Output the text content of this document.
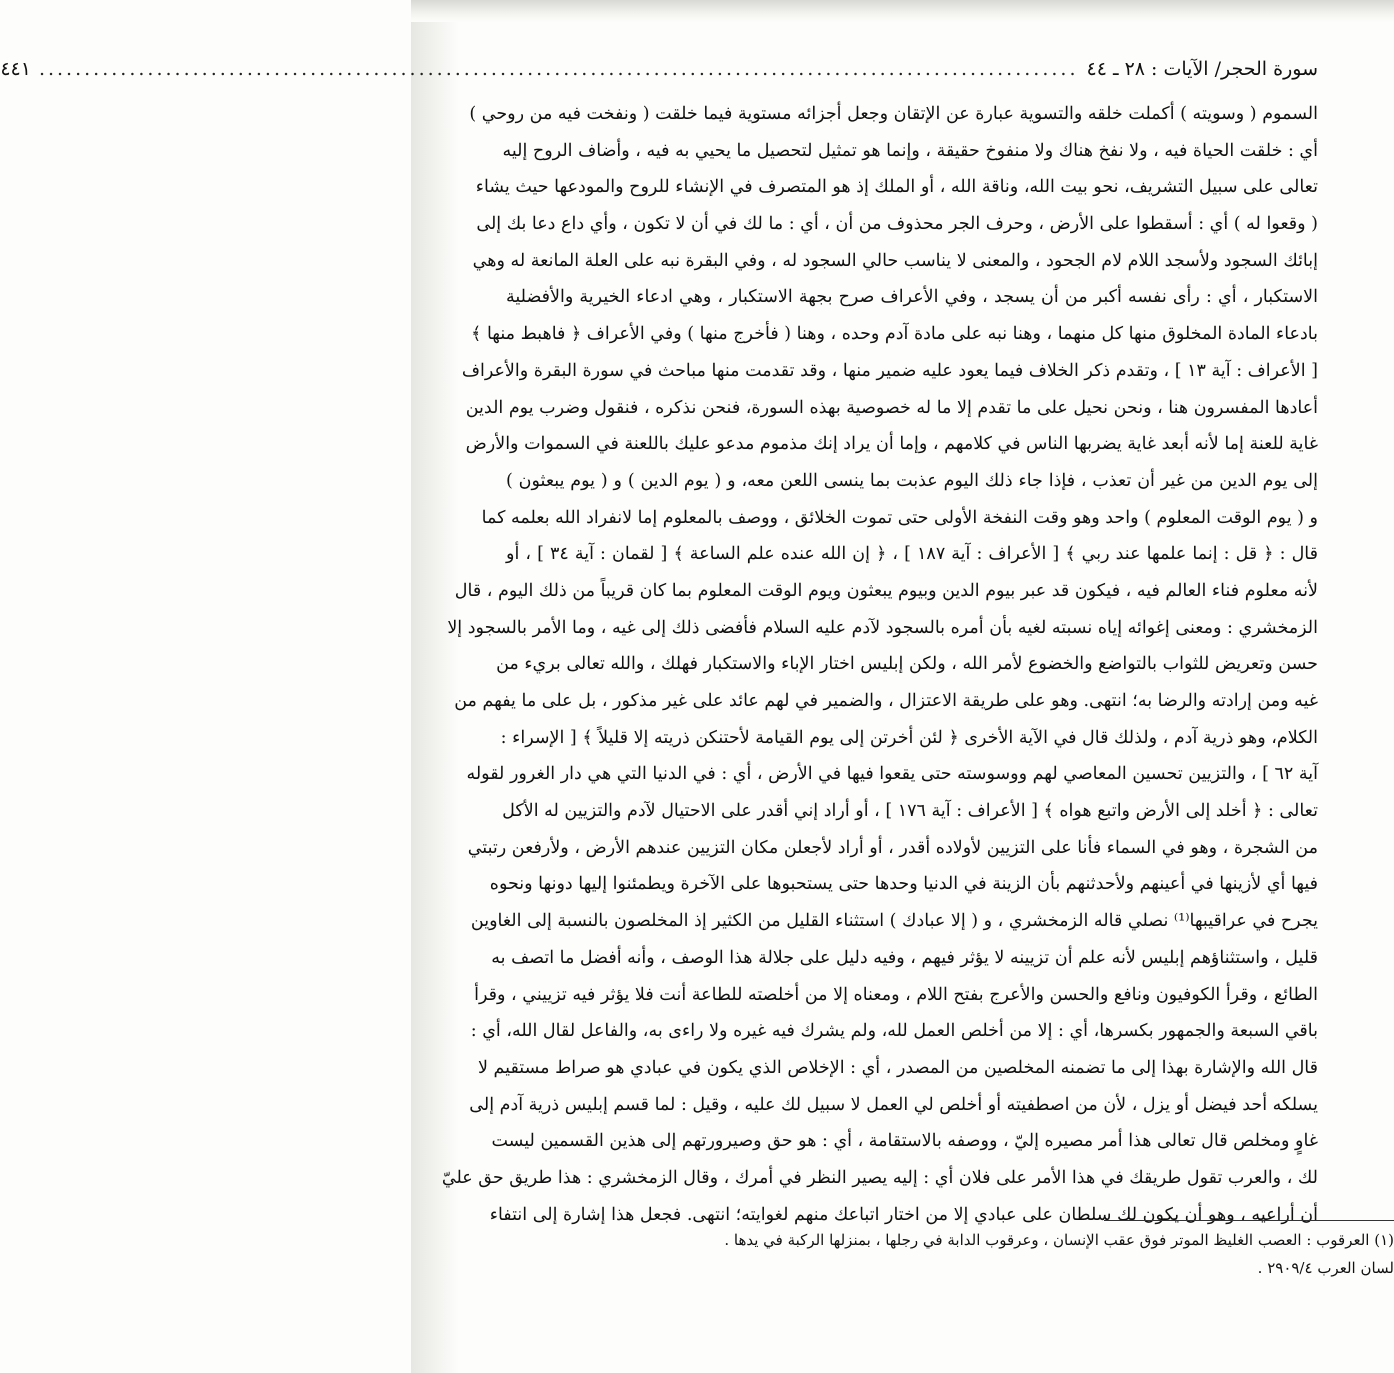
سورة الحجر/ الآيات : ٢٨ ـ ٤٤
...................................................................................................................
٤٤١
السموم ( وسويته ) أكملت خلقه والتسوية عبارة عن الإتقان وجعل أجزائه مستوية فيما خلقت ( ونفخت فيه من روحي )
أي : خلقت الحياة فيه ، ولا نفخ هناك ولا منفوخ حقيقة ، وإنما هو تمثيل لتحصيل ما يحيي به فيه ، وأضاف الروح إليه
تعالى على سبيل التشريف، نحو بيت الله، وناقة الله ، أو الملك إذ هو المتصرف في الإنشاء للروح والمودعها حيث يشاء
( وقعوا له ) أي : أسقطوا على الأرض ، وحرف الجر محذوف من أن ، أي : ما لك في أن لا تكون ، وأي داع دعا بك إلى
إبائك السجود ولأسجد اللام لام الجحود ، والمعنى لا يناسب حالي السجود له ، وفي البقرة نبه على العلة المانعة له وهي
الاستكبار ، أي : رأى نفسه أكبر من أن يسجد ، وفي الأعراف صرح بجهة الاستكبار ، وهي ادعاء الخيرية والأفضلية
بادعاء المادة المخلوق منها كل منهما ، وهنا نبه على مادة آدم وحده ، وهنا ( فأخرج منها ) وفي الأعراف ﴿ فاهبط منها ﴾
[ الأعراف : آية ١٣ ] ، وتقدم ذكر الخلاف فيما يعود عليه ضمير منها ، وقد تقدمت منها مباحث في سورة البقرة والأعراف
أعادها المفسرون هنا ، ونحن نحيل على ما تقدم إلا ما له خصوصية بهذه السورة، فنحن نذكره ، فنقول وضرب يوم الدين
غاية للعنة إما لأنه أبعد غاية يضربها الناس في كلامهم ، وإما أن يراد إنك مذموم مدعو عليك باللعنة في السموات والأرض
إلى يوم الدين من غير أن تعذب ، فإذا جاء ذلك اليوم عذبت بما ينسى اللعن معه، و ( يوم الدين ) و ( يوم يبعثون )
و ( يوم الوقت المعلوم ) واحد وهو وقت النفخة الأولى حتى تموت الخلائق ، ووصف بالمعلوم إما لانفراد الله بعلمه كما
قال : ﴿ قل : إنما علمها عند ربي ﴾ [ الأعراف : آية ١٨٧ ] ، ﴿ إن الله عنده علم الساعة ﴾ [ لقمان : آية ٣٤ ] ، أو
لأنه معلوم فناء العالم فيه ، فيكون قد عبر بيوم الدين وبيوم يبعثون ويوم الوقت المعلوم بما كان قريباً من ذلك اليوم ، قال
الزمخشري : ومعنى إغوائه إياه نسبته لغيه بأن أمره بالسجود لآدم عليه السلام فأفضى ذلك إلى غيه ، وما الأمر بالسجود إلا
حسن وتعريض للثواب بالتواضع والخضوع لأمر الله ، ولكن إبليس اختار الإباء والاستكبار فهلك ، والله تعالى بريء من
غيه ومن إرادته والرضا به؛ انتهى. وهو على طريقة الاعتزال ، والضمير في لهم عائد على غير مذكور ، بل على ما يفهم من
الكلام، وهو ذرية آدم ، ولذلك قال في الآية الأخرى ﴿ لئن أخرتن إلى يوم القيامة لأحتنكن ذريته إلا قليلاً ﴾ [ الإسراء :
آية ٦٢ ] ، والتزيين تحسين المعاصي لهم ووسوسته حتى يقعوا فيها في الأرض ، أي : في الدنيا التي هي دار الغرور لقوله
تعالى : ﴿ أخلد إلى الأرض واتبع هواه ﴾ [ الأعراف : آية ١٧٦ ] ، أو أراد إني أقدر على الاحتيال لآدم والتزيين له الأكل
من الشجرة ، وهو في السماء فأنا على التزيين لأولاده أقدر ، أو أراد لأجعلن مكان التزيين عندهم الأرض ، ولأرفعن رتبتي
فيها أي لأزينها في أعينهم ولأحدثنهم بأن الزينة في الدنيا وحدها حتى يستحبوها على الآخرة ويطمئنوا إليها دونها ونحوه
يجرح في عراقيبها⁽¹⁾ نصلي قاله الزمخشري ، و ( إلا عبادك ) استثناء القليل من الكثير إذ المخلصون بالنسبة إلى الغاوين
قليل ، واستثناؤهم إبليس لأنه علم أن تزيينه لا يؤثر فيهم ، وفيه دليل على جلالة هذا الوصف ، وأنه أفضل ما اتصف به
الطائع ، وقرأ الكوفيون ونافع والحسن والأعرج بفتح اللام ، ومعناه إلا من أخلصته للطاعة أنت فلا يؤثر فيه تزييني ، وقرأ
باقي السبعة والجمهور بكسرها، أي : إلا من أخلص العمل لله، ولم يشرك فيه غيره ولا راءى به، والفاعل لقال الله، أي :
قال الله والإشارة بهذا إلى ما تضمنه المخلصين من المصدر ، أي : الإخلاص الذي يكون في عبادي هو صراط مستقيم لا
يسلكه أحد فيضل أو يزل ، لأن من اصطفيته أو أخلص لي العمل لا سبيل لك عليه ، وقيل : لما قسم إبليس ذرية آدم إلى
غاوٍ ومخلص قال تعالى هذا أمر مصيره إليّ ، ووصفه بالاستقامة ، أي : هو حق وصيرورتهم إلى هذين القسمين ليست
لك ، والعرب تقول طريقك في هذا الأمر على فلان أي : إليه يصير النظر في أمرك ، وقال الزمخشري : هذا طريق حق عليّ
أن أراعيه ، وهو أن يكون لك سلطان على عبادي إلا من اختار اتباعك منهم لغوايته؛ انتهى. فجعل هذا إشارة إلى انتفاء
(١) العرقوب : العصب الغليظ الموتر فوق عقب الإنسان ، وعرقوب الدابة في رجلها ، بمنزلها الركبة في يدها .
لسان العرب ٢٩٠٩/٤ .
